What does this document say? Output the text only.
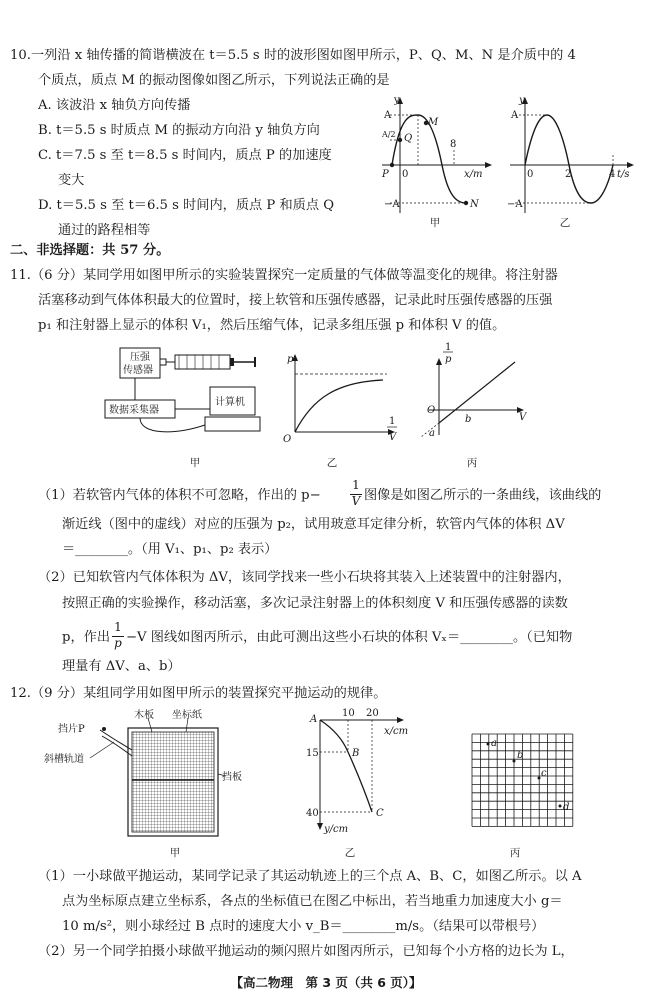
10.一列沿 x 轴传播的简谐横波在 t＝5.5 s 时的波形图如图甲所示，P、Q、M、N 是介质中的 4
个质点，质点 M 的振动图像如图乙所示，下列说法正确的是
A. 该波沿 x 轴负方向传播
B. t＝5.5 s 时质点 M 的振动方向沿 y 轴负方向
C. t＝7.5 s 至 t＝8.5 s 时间内，质点 P 的加速度
变大
D. t＝5.5 s 至 t＝6.5 s 时间内，质点 P 和质点 Q
通过的路程相等
y
A
A/2
−A
Q
M
P
N
0
8
x/m
甲
y
A
−A
0	2	4 t/s
乙
二、非选择题：共 57 分。
11.（6 分）某同学用如图甲所示的实验装置探究一定质量的气体做等温变化的规律。将注射器
活塞移动到气体体积最大的位置时，接上软管和压强传感器，记录此时压强传感器的压强
p₁ 和注射器上显示的体积 V₁，然后压缩气体，记录多组压强 p 和体积 V 的值。
压强
传感器
数据采集器
计算机
甲
p
O
1
V
乙
1
p
O
a
b	V
丙
（1）若软管内气体的体积不可忽略，作出的 p−
1
V 图像是如图乙所示的一条曲线，该曲线的
渐近线（图中的虚线）对应的压强为 p₂，试用玻意耳定律分析，软管内气体的体积 ΔV
＝________。（用 V₁、p₁、p₂ 表示）
（2）已知软管内气体体积为 ΔV，该同学找来一些小石块将其装入上述装置中的注射器内，
按照正确的实验操作，移动活塞，多次记录注射器上的体积刻度 V 和压强传感器的读数
p，作出
1
p −V 图线如图丙所示，由此可测出这些小石块的体积 Vₓ＝________。（已知物
理量有 ΔV、a、b）
12.（9 分）某组同学用如图甲所示的装置探究平抛运动的规律。
木板 坐标纸
挡片P
斜槽轨道
挡板
甲
A
B
C
10 20
x/cm
15
40
y/cm
乙
a
b
c
d
丙
（1）一小球做平抛运动，某同学记录了其运动轨迹上的三个点 A、B、C，如图乙所示。以 A
点为坐标原点建立坐标系，各点的坐标值已在图乙中标出，若当地重力加速度大小 g＝
10 m/s²，则小球经过 B 点时的速度大小 v_B＝________m/s。（结果可以带根号）
（2）另一个同学拍摄小球做平抛运动的频闪照片如图丙所示，已知每个小方格的边长为 L，
【高二物理　第 3 页（共 6 页）】
